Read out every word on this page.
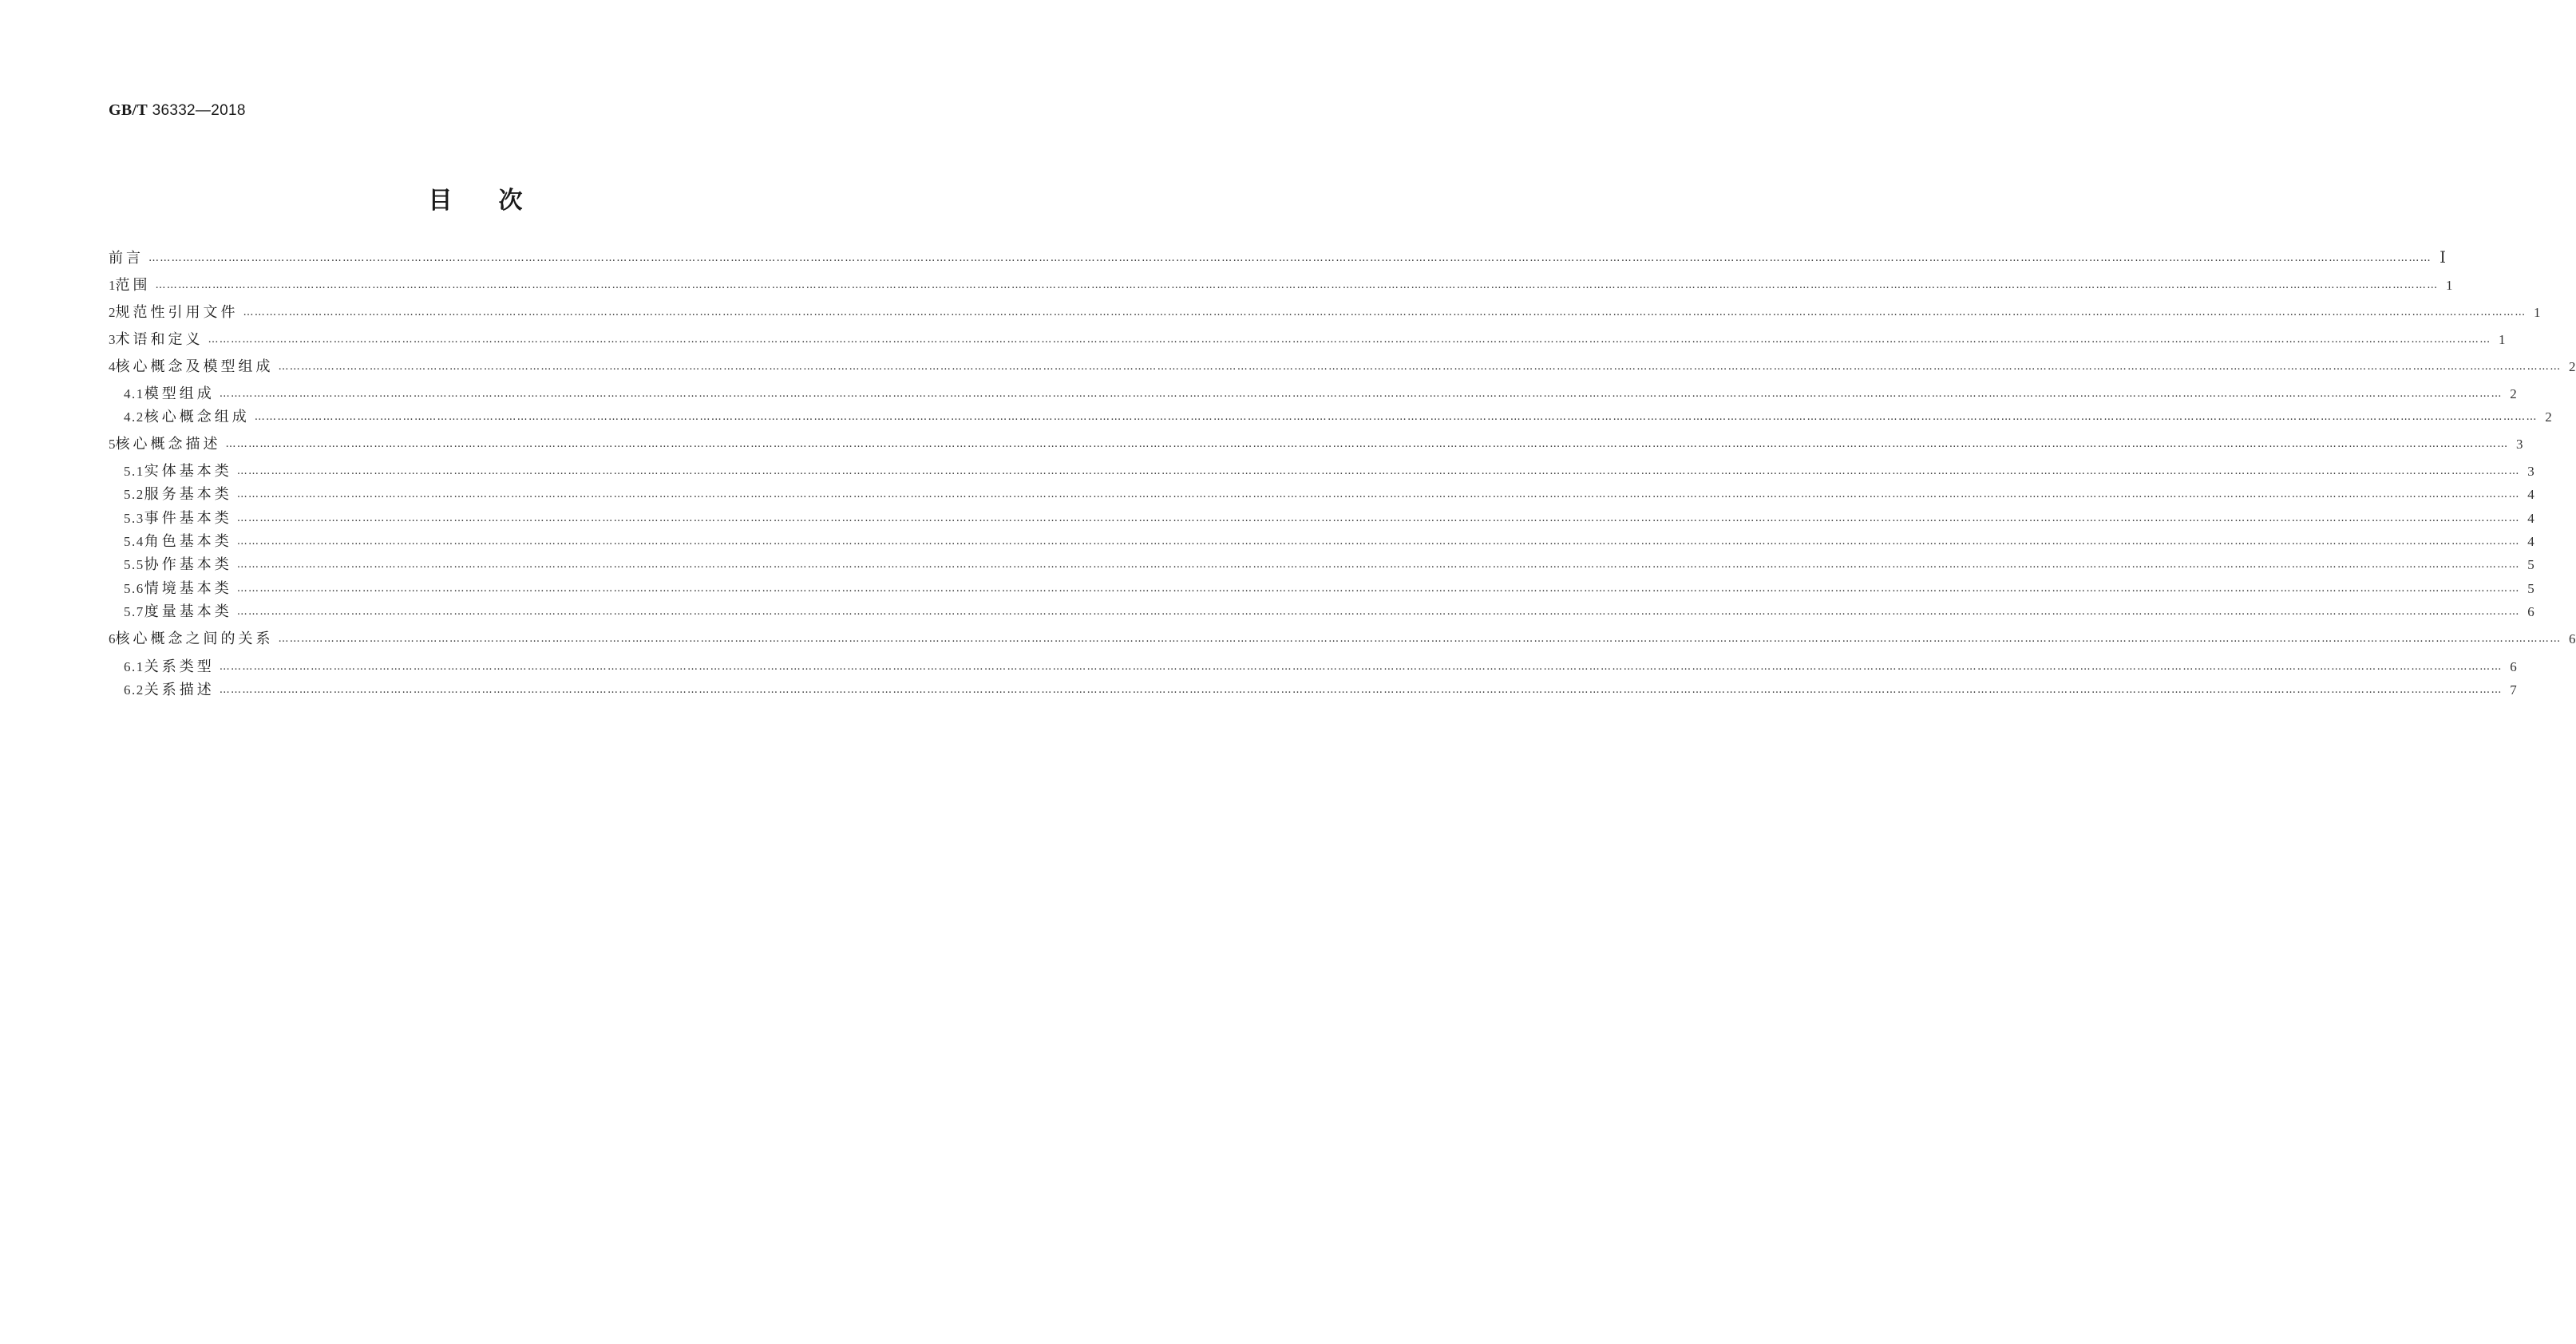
GB/T 36332—2018
目次
前言 …………………………………………………………………………………………………………………………………………………………………………………………………………………………………………………………………………………………………………………………………………………………………………………………………………………………………………………………………………………………………………………………………………………… Ⅰ
1 范围 …………………………………………………………………………………………………………………………………………………………………………………………………………………………………………………………………………………………………………………………………………………………………………………………………………………………………………………………………………………………………………………………………………………… 1
2 规范性引用文件 …………………………………………………………………………………………………………………………………………………………………………………………………………………………………………………………………………………………………………………………………………………………………………………………………………………………………………………………………………………………………………………………………………………… 1
3 术语和定义 …………………………………………………………………………………………………………………………………………………………………………………………………………………………………………………………………………………………………………………………………………………………………………………………………………………………………………………………………………………………………………………………………………………… 1
4 核心概念及模型组成 …………………………………………………………………………………………………………………………………………………………………………………………………………………………………………………………………………………………………………………………………………………………………………………………………………………………………………………………………………………………………………………………………………………… 2
4.1 模型组成 …………………………………………………………………………………………………………………………………………………………………………………………………………………………………………………………………………………………………………………………………………………………………………………………………………………………………………………………………………………………………………………………………………………… 2
4.2 核心概念组成 …………………………………………………………………………………………………………………………………………………………………………………………………………………………………………………………………………………………………………………………………………………………………………………………………………………………………………………………………………………………………………………………………………………… 2
5 核心概念描述 …………………………………………………………………………………………………………………………………………………………………………………………………………………………………………………………………………………………………………………………………………………………………………………………………………………………………………………………………………………………………………………………………………………… 3
5.1 实体基本类 …………………………………………………………………………………………………………………………………………………………………………………………………………………………………………………………………………………………………………………………………………………………………………………………………………………………………………………………………………………………………………………………………………………… 3
5.2 服务基本类 …………………………………………………………………………………………………………………………………………………………………………………………………………………………………………………………………………………………………………………………………………………………………………………………………………………………………………………………………………………………………………………………………………………… 4
5.3 事件基本类 …………………………………………………………………………………………………………………………………………………………………………………………………………………………………………………………………………………………………………………………………………………………………………………………………………………………………………………………………………………………………………………………………………………… 4
5.4 角色基本类 …………………………………………………………………………………………………………………………………………………………………………………………………………………………………………………………………………………………………………………………………………………………………………………………………………………………………………………………………………………………………………………………………………………… 4
5.5 协作基本类 …………………………………………………………………………………………………………………………………………………………………………………………………………………………………………………………………………………………………………………………………………………………………………………………………………………………………………………………………………………………………………………………………………………… 5
5.6 情境基本类 …………………………………………………………………………………………………………………………………………………………………………………………………………………………………………………………………………………………………………………………………………………………………………………………………………………………………………………………………………………………………………………………………………………… 5
5.7 度量基本类 …………………………………………………………………………………………………………………………………………………………………………………………………………………………………………………………………………………………………………………………………………………………………………………………………………………………………………………………………………………………………………………………………………………… 6
6 核心概念之间的关系 …………………………………………………………………………………………………………………………………………………………………………………………………………………………………………………………………………………………………………………………………………………………………………………………………………………………………………………………………………………………………………………………………………………… 6
6.1 关系类型 …………………………………………………………………………………………………………………………………………………………………………………………………………………………………………………………………………………………………………………………………………………………………………………………………………………………………………………………………………………………………………………………………………………… 6
6.2 关系描述 …………………………………………………………………………………………………………………………………………………………………………………………………………………………………………………………………………………………………………………………………………………………………………………………………………………………………………………………………………………………………………………………………………………… 7
